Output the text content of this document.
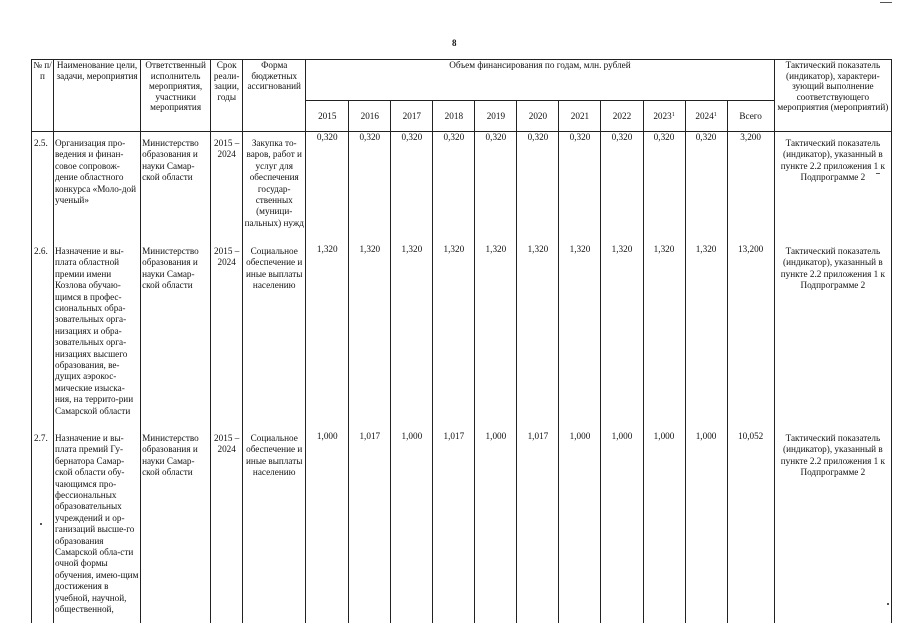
8
№ п/п	Наименование цели, задачи, мероприятия	Ответственный исполнитель мероприятия, участники мероприятия	Срок реали-зации, годы	Форма бюджетных ассигнований	Объем финансирования по годам, млн. рублей											Тактический показатель (индикатор), характери-зующий выполнение соответствующего мероприятия (мероприятий)
					2015	2016	2017	2018	2019	2020	2021	2022	2023$^1$	2024$^1$	Всего	
2.5.	Организация про-ведения и финан-совое сопровож-дение областного конкурса «Моло-дой ученый»	Министерство образования и науки Самар-ской области	2015 – 2024	Закупка то-варов, работ и услуг для обеспечения государ-ственных (муници-пальных) нужд	0,320	0,320	0,320	0,320	0,320	0,320	0,320	0,320	0,320	0,320	3,200	Тактический показатель (индикатор), указанный в пункте 2.2 приложения 1 к Подпрограмме 2
2.6.	Назначение и вы-плата областной премии имени Козлова обучаю-щимся в профес-сиональных обра-зовательных орга-низациях и обра-зовательных орга-низациях высшего образования, ве-дущих аэрокос-мические изыска-ния, на террито-рии Самарской области	Министерство образования и науки Самар-ской области	2015 – 2024	Социальное обеспечение и иные выплаты населению	1,320	1,320	1,320	1,320	1,320	1,320	1,320	1,320	1,320	1,320	13,200	Тактический показатель (индикатор), указанный в пункте 2.2 приложения 1 к Подпрограмме 2
2.7.	Назначение и вы-плата премий Гу-бернатора Самар-ской области обу-чающимся про-фессиональных образовательных учреждений и ор-ганизаций высше-го образования Самарской обла-сти очной формы обучения, имею-щим достижения в учебной, научной, общественной,	Министерство образования и науки Самар-ской области	2015 – 2024	Социальное обеспечение и иные выплаты населению	1,000	1,017	1,000	1,017	1,000	1,017	1,000	1,000	1,000	1,000	10,052	Тактический показатель (индикатор), указанный в пункте 2.2 приложения 1 к Подпрограмме 2
